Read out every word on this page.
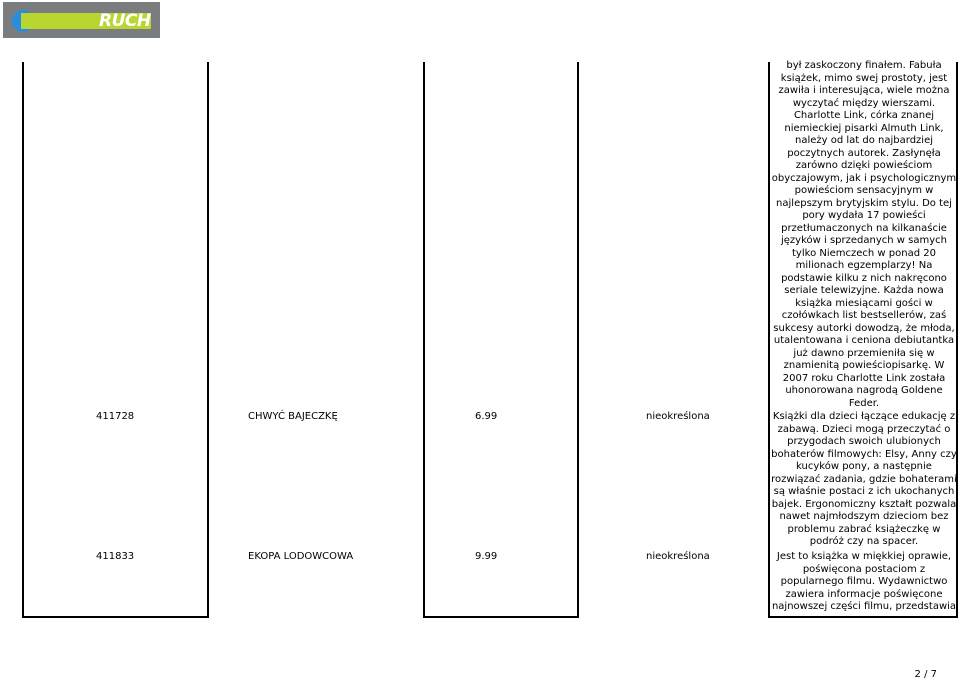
RUCH
był zaskoczony finałem. Fabuła
książek, mimo swej prostoty, jest
zawiła i interesująca, wiele można
wyczytać między wierszami.
Charlotte Link, córka znanej
niemieckiej pisarki Almuth Link,
należy od lat do najbardziej
poczytnych autorek. Zasłynęła
zarówno dzięki powieściom
obyczajowym, jak i psychologicznym
powieściom sensacyjnym w
najlepszym brytyjskim stylu. Do tej
pory wydała 17 powieści
przetłumaczonych na kilkanaście
języków i sprzedanych w samych
tylko Niemczech w ponad 20
milionach egzemplarzy! Na
podstawie kilku z nich nakręcono
seriale telewizyjne. Każda nowa
książka miesiącami gości w
czołówkach list bestsellerów, zaś
sukcesy autorki dowodzą, że młoda,
utalentowana i ceniona debiutantka
już dawno przemieniła się w
znamienitą powieściopisarkę. W
2007 roku Charlotte Link została
uhonorowana nagrodą Goldene
Feder.
411728	CHWYĆ BAJECZKĘ	6.99	nieokreślona	Książki dla dzieci łączące edukację z
zabawą. Dzieci mogą przeczytać o
przygodach swoich ulubionych
bohaterów filmowych: Elsy, Anny czy
kucyków pony, a następnie
rozwiązać zadania, gdzie bohaterami
są właśnie postaci z ich ukochanych
bajek. Ergonomiczny kształt pozwala
nawet najmłodszym dzieciom bez
problemu zabrać książeczkę w
podróż czy na spacer.
411833	EKOPA LODOWCOWA	9.99	nieokreślona	Jest to książka w miękkiej oprawie,
poświęcona postaciom z
popularnego filmu. Wydawnictwo
zawiera informacje poświęcone
najnowszej części filmu, przedstawia
2 / 7
